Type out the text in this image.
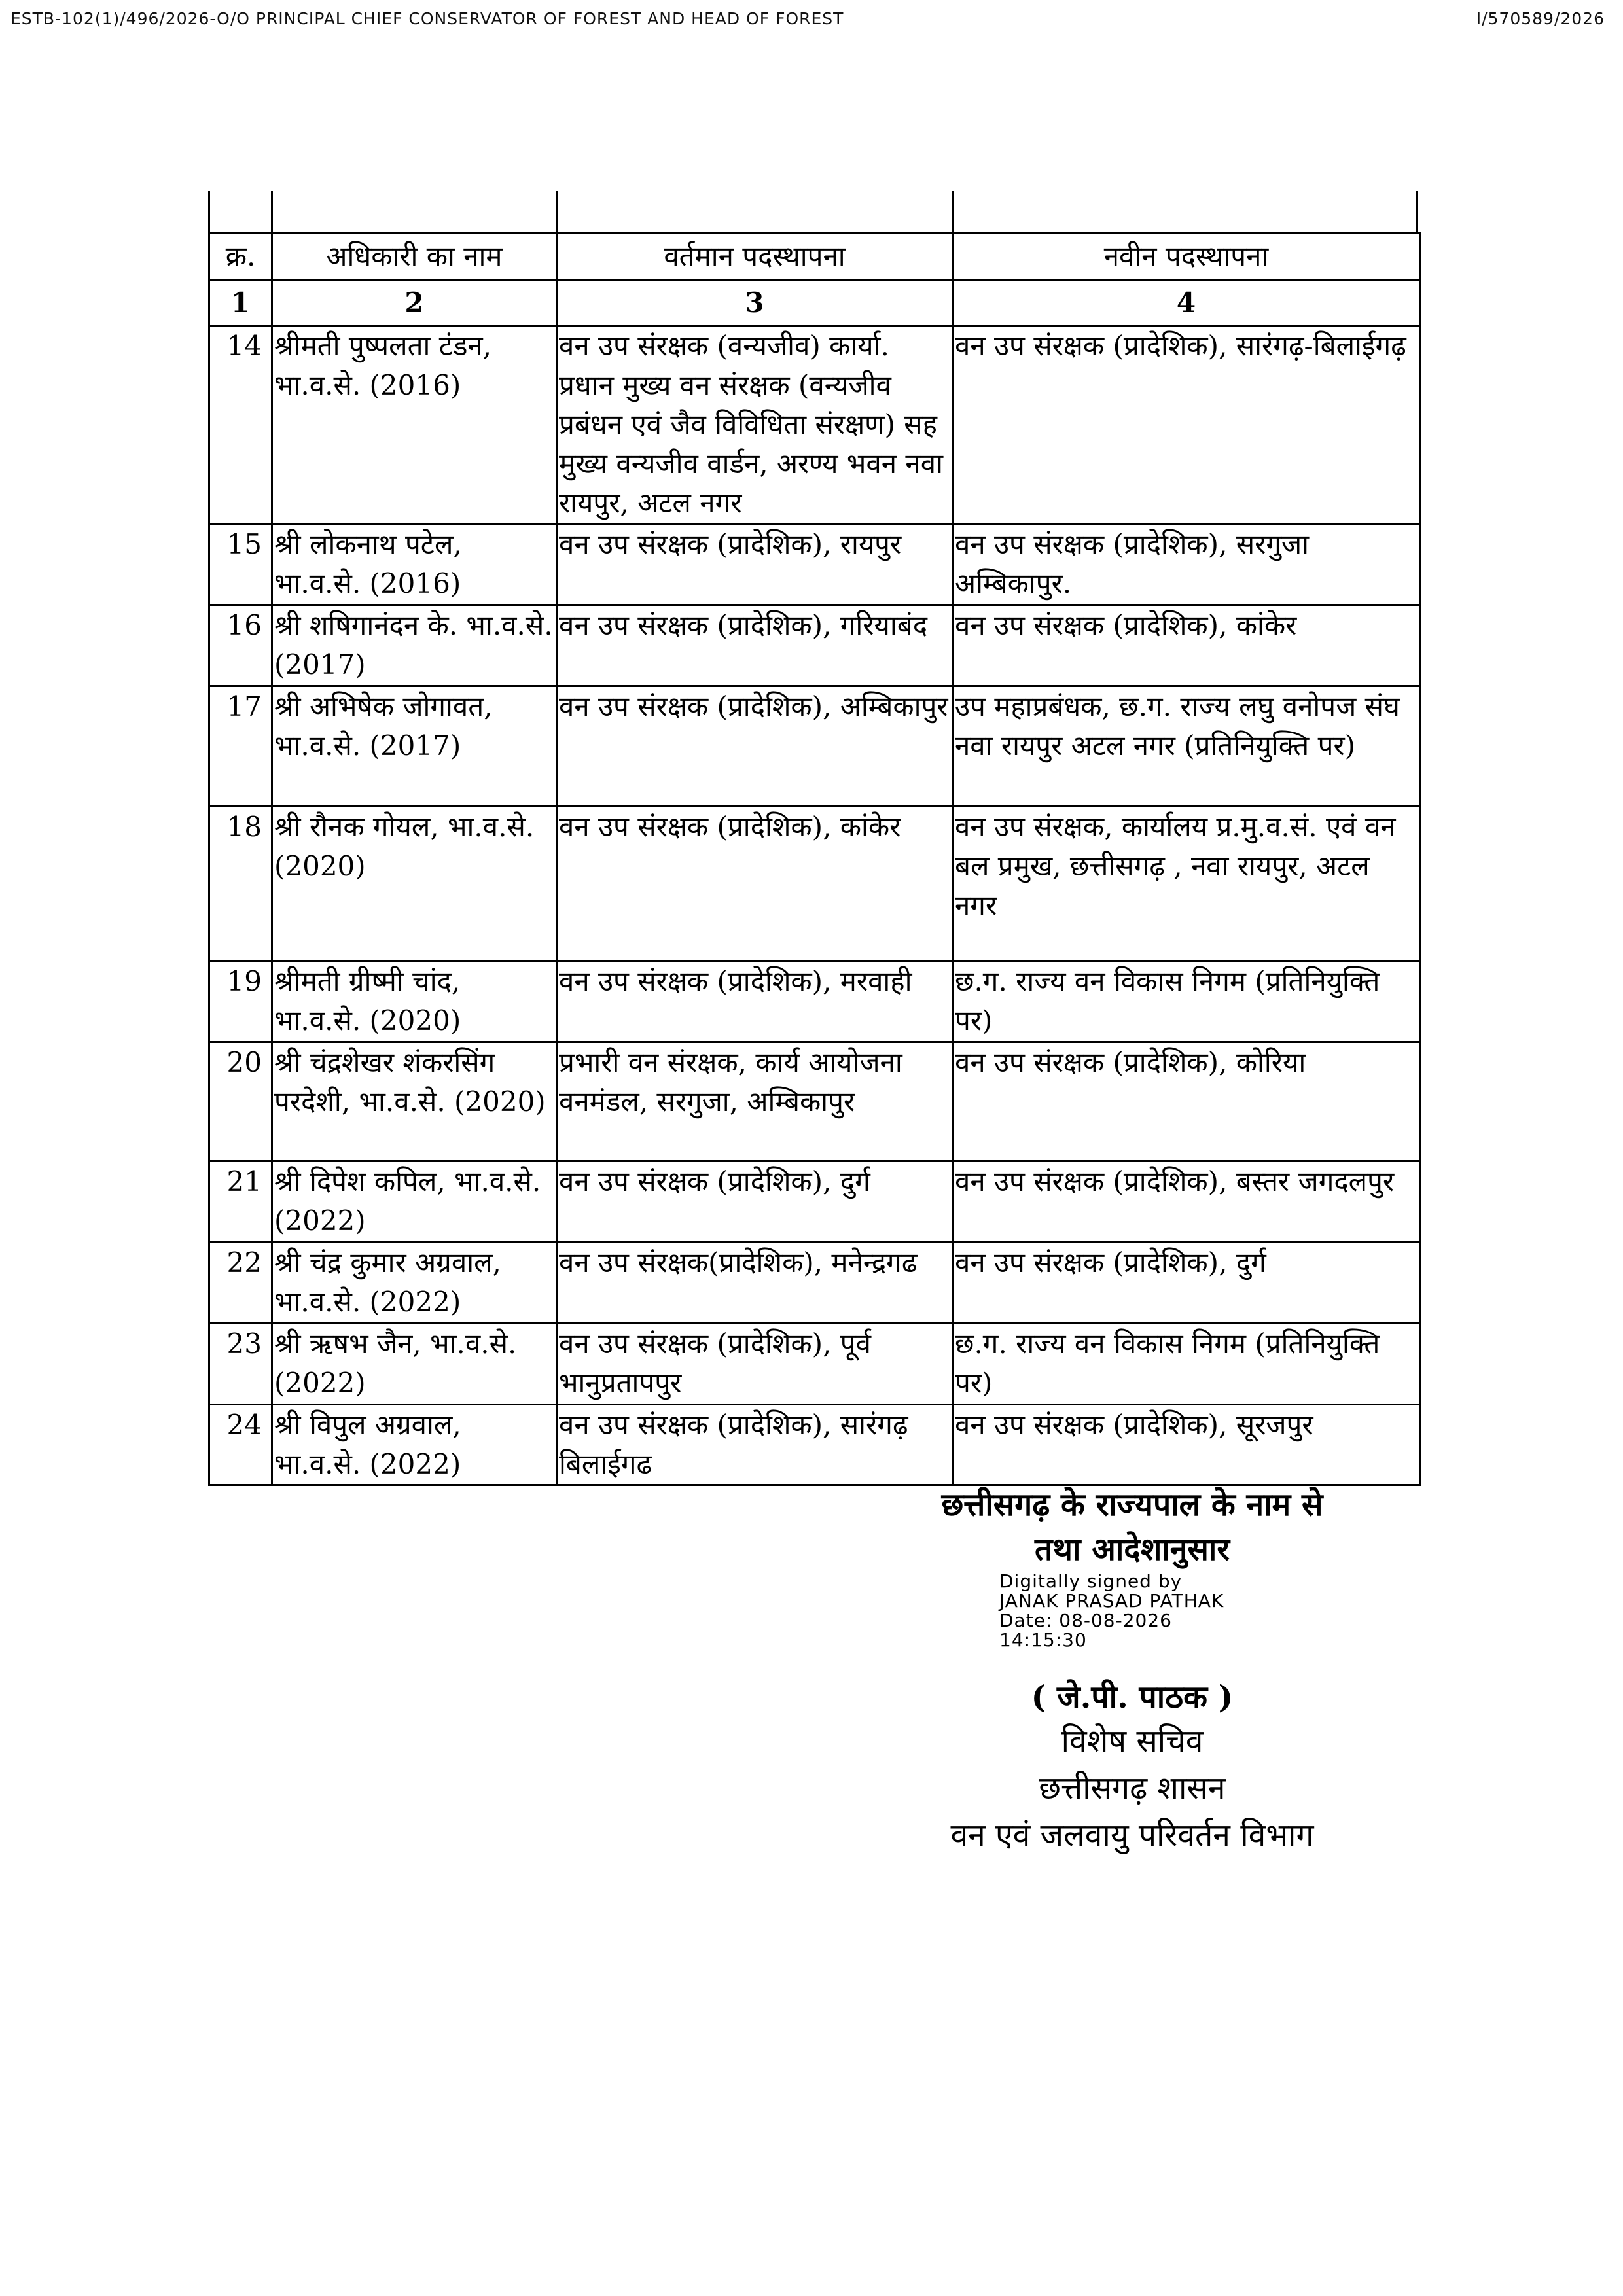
ESTB-102(1)/496/2026-O/O PRINCIPAL CHIEF CONSERVATOR OF FOREST AND HEAD OF FOREST	I/570589/2026
क्र.	अधिकारी का नाम	वर्तमान पदस्थापना	नवीन पदस्थापना
1	2	3	4
14	श्रीमती पुष्पलता टंडन, भा.व.से. (2016)	वन उप संरक्षक (वन्यजीव) कार्या. प्रधान मुख्य वन संरक्षक (वन्यजीव प्रबंधन एवं जैव विविधिता संरक्षण) सह मुख्य वन्यजीव वार्डन, अरण्य भवन नवा रायपुर, अटल नगर	वन उप संरक्षक (प्रादेशिक), सारंगढ़-बिलाईगढ़
15	श्री लोकनाथ पटेल, भा.व.से. (2016)	वन उप संरक्षक (प्रादेशिक), रायपुर	वन उप संरक्षक (प्रादेशिक), सरगुजा अम्बिकापुर.
16	श्री शषिगानंदन के. भा.व.से. (2017)	वन उप संरक्षक (प्रादेशिक), गरियाबंद	वन उप संरक्षक (प्रादेशिक), कांकेर
17	श्री अभिषेक जोगावत, भा.व.से. (2017)	वन उप संरक्षक (प्रादेशिक), अम्बिकापुर	उप महाप्रबंधक, छ.ग. राज्य लघु वनोपज संघ नवा रायपुर अटल नगर (प्रतिनियुक्ति पर)
18	श्री रौनक गोयल, भा.व.से. (2020)	वन उप संरक्षक (प्रादेशिक), कांकेर	वन उप संरक्षक, कार्यालय प्र.मु.व.सं. एवं वन बल प्रमुख, छत्तीसगढ़ , नवा रायपुर, अटल नगर
19	श्रीमती ग्रीष्मी चांद, भा.व.से. (2020)	वन उप संरक्षक (प्रादेशिक), मरवाही	छ.ग. राज्य वन विकास निगम (प्रतिनियुक्ति पर)
20	श्री चंद्रशेखर शंकरसिंग परदेशी, भा.व.से. (2020)	प्रभारी वन संरक्षक, कार्य आयोजना वनमंडल, सरगुजा, अम्बिकापुर	वन उप संरक्षक (प्रादेशिक), कोरिया
21	श्री दिपेश कपिल, भा.व.से. (2022)	वन उप संरक्षक (प्रादेशिक), दुर्ग	वन उप संरक्षक (प्रादेशिक), बस्तर जगदलपुर
22	श्री चंद्र कुमार अग्रवाल, भा.व.से. (2022)	वन उप संरक्षक(प्रादेशिक), मनेन्द्रगढ	वन उप संरक्षक (प्रादेशिक), दुर्ग
23	श्री ऋषभ जैन, भा.व.से. (2022)	वन उप संरक्षक (प्रादेशिक), पूर्व भानुप्रतापपुर	छ.ग. राज्य वन विकास निगम (प्रतिनियुक्ति पर)
24	श्री विपुल अग्रवाल, भा.व.से. (2022)	वन उप संरक्षक (प्रादेशिक), सारंगढ़ बिलाईगढ	वन उप संरक्षक (प्रादेशिक), सूरजपुर
छत्तीसगढ़ के राज्यपाल के नाम से
तथा आदेशानुसार
Digitally signed by
JANAK PRASAD PATHAK
Date: 08-08-2026
14:15:30
( जे.पी. पाठक )
विशेष सचिव
छत्तीसगढ़ शासन
वन एवं जलवायु परिवर्तन विभाग
